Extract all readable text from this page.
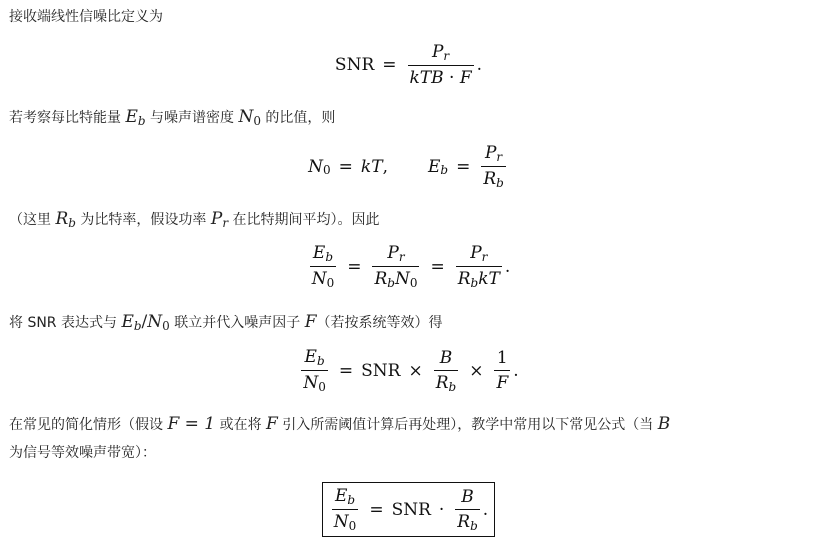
接收端线性信噪比定义为
SNR = $\frac{Pr}{\text{kTB · F}}$ .
若考察每比特能量 Eb 与噪声谱密度 N0 的比值，则
N 0 = kT , E $b = \frac{Pr}{Rb}$
（这里 Rb 为比特率，假设功率 Pr 在比特期间平均）。因此
$\frac{Eb}{N0} = \frac{Pr}{\text{RbN0}} = \frac{Pr}{\text{RbkT}}$ .
将 SNR 表达式与 Eb/N0 联立并代入噪声因子 F（若按系统等效）得
$\frac{Eb}{N0}$ = SNR × $\frac{B}{Rb} \times \frac{1}{F}$ .
在常见的简化情形（假设 F = 1 或在将 F 引入所需阈值计算后再处理），教学中常用以下常见公式（当 B
为信号等效噪声带宽）：
$\frac{Eb}{N0}$ = SNR · $\frac{B}{Rb}$ .
